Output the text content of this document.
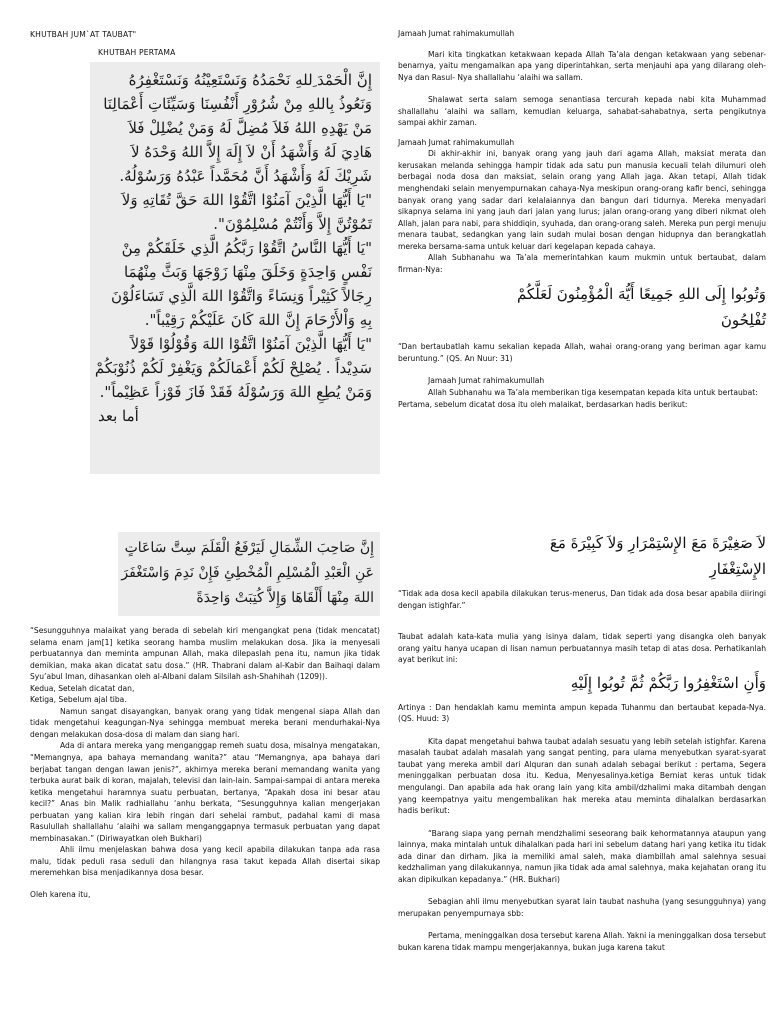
KHUTBAH JUM`AT TAUBAT"
KHUTBAH PERTAMA
إِنَّ الْحَمْدَ ِللهِ نَحْمَدُهُ وَنَسْتَعِيْنُهُ وَنَسْتَغْفِرُهُ
وَنَعُوذُ بِاللهِ مِنْ شُرُوْرِ أَنْفُسِنَا وَسَيِّئَاتِ أَعْمَالِنَا
مَنْ يَهْدِهِ اللهُ فَلاَ مُضِلَّ لَهُ وَمَنْ يُضْلِلْ فَلاَ
هَادِيَ لَهُ وَأَشْهَدُ أَنْ لاَ إِلَهَ إِلاَّ اللهُ وَحْدَهُ لاَ
شَرِيْكَ لَهُ وَأَشْهَدُ أَنَّ مُحَمَّداً عَبْدُهُ وَرَسُوْلُهُ.
"يَا أَيُّهَا الَّذِيْنَ آمَنُوْا اتَّقُوْا اللهَ حَقَّ تُقَاتِهِ وَلاَ
تَمُوْتُنَّ إِلاَّ وَأَنْتُمْ مُسْلِمُوْنَ".
"يَا أَيُّهَا النَّاسُ اتَّقُوْا رَبَّكُمُ الَّذِي خَلَقَكُمْ مِنْ
نَفْسٍ وَاحِدَةٍ وَخَلَقَ مِنْهَا زَوْجَهَا وَبَثَّ مِنْهُمَا
رِجَالاً كَثِيْراً وَنِسَاءً وَاتَّقُوْا اللهَ الَّذِي تَسَاءَلُوْنَ
بِهِ وَاْلأَرْحَامَ إِنَّ اللهَ كَانَ عَلَيْكُمْ رَقِيْباً".
"يَا أَيُّهَا الَّذِيْنَ آمَنُوْا اتَّقُوْا اللهَ وَقُوْلُوْا قَوْلاً
سَدِيْداً . يُصْلِحْ لَكُمْ أَعْمَالَكُمْ وَيَغْفِرْ لَكُمْ ذُنُوْبَكُمْ
وَمَنْ يُطِعِ اللهَ وَرَسُوْلَهُ فَقَدْ فَازَ فَوْزاً عَظِيْماً".
أما بعد

Jamaah Jumat rahimakumullah

Mari kita tingkatkan ketakwaan kepada Allah Ta’ala dengan ketakwaan yang sebenar-benarnya, yaitu mengamalkan apa yang diperintahkan, serta menjauhi apa yang dilarang oleh-Nya dan Rasul- Nya shallallahu ‘alaihi wa sallam.

Shalawat serta salam semoga senantiasa tercurah kepada nabi kita Muhammad shallallahu ‘alaihi wa sallam, kemudian keluarga, sahabat-sahabatnya, serta pengikutnya sampai akhir zaman.

Jamaah Jumat rahimakumullah

Di akhir-akhir ini, banyak orang yang jauh dari agama Allah, maksiat merata dan kerusakan melanda sehingga hampir tidak ada satu pun manusia kecuali telah dilumuri oleh berbagai noda dosa dan maksiat, selain orang yang Allah jaga. Akan tetapi, Allah tidak menghendaki selain menyempurnakan cahaya-Nya meskipun orang-orang kafir benci, sehingga banyak orang yang sadar dari kelalaiannya dan bangun dari tidurnya. Mereka menyadari sikapnya selama ini yang jauh dari jalan yang lurus; jalan orang-orang yang diberi nikmat oleh Allah, jalan para nabi, para shiddiqin, syuhada, dan orang-orang saleh. Mereka pun pergi menuju menara taubat, sedangkan yang lain sudah mulai bosan dengan hidupnya dan berangkatlah mereka bersama-sama untuk keluar dari kegelapan kepada cahaya.

Allah Subhanahu wa Ta’ala memerintahkan kaum mukmin untuk bertaubat, dalam firman-Nya:

وَتُوبُوا إِلَى اللهِ جَمِيعًا أَيُّهَ الْمُؤْمِنُونَ لَعَلَّكُمْ
تُفْلِحُونَ

“Dan bertaubatlah kamu sekalian kepada Allah, wahai orang-orang yang beriman agar kamu beruntung.” (QS. An Nuur: 31)

Jamaah Jumat rahimakumullah

Allah Subhanahu wa Ta’ala memberikan tiga kesempatan kepada kita untuk bertaubat:

Pertama, sebelum dicatat dosa itu oleh malaikat, berdasarkan hadis berikut:

إِنَّ صَاحِبَ الشِّمَالِ لَيَرْفَعُ الْقَلَمَ سِتَّ سَاعَاتٍ
عَنِ الْعَبْدِ الْمُسْلِمِ الْمُخْطِئِ فَإِنْ نَدِمَ وَاسْتَغْفَرَ
اللهَ مِنْهَا أَلْقَاهَا وَإِلاَّ كُتِبَتْ وَاحِدَةً

“Sesungguhnya malaikat yang berada di sebelah kiri mengangkat pena (tidak mencatat) selama enam jam[1] ketika seorang hamba muslim melakukan dosa. Jika ia menyesali perbuatannya dan meminta ampunan Allah, maka dilepaslah pena itu, namun jika tidak demikian, maka akan dicatat satu dosa.” (HR. Thabrani dalam al-Kabir dan Baihaqi dalam Syu’abul Iman, dihasankan oleh al-Albani dalam Silsilah ash-Shahihah (1209)).

Kedua, Setelah dicatat dan,

Ketiga, Sebelum ajal tiba.

Namun sangat disayangkan, banyak orang yang tidak mengenal siapa Allah dan tidak mengetahui keagungan-Nya sehingga membuat mereka berani mendurhakai-Nya dengan melakukan dosa-dosa di malam dan siang hari.

Ada di antara mereka yang menganggap remeh suatu dosa, misalnya mengatakan, “Memangnya, apa bahaya memandang wanita?” atau “Memangnya, apa bahaya dari berjabat tangan dengan lawan jenis?”, akhirnya mereka berani memandang wanita yang terbuka aurat baik di koran, majalah, televisi dan lain-lain. Sampai-sampai di antara mereka ketika mengetahui haramnya suatu perbuatan, bertanya, “Apakah dosa ini besar atau kecil?” Anas bin Malik radhiallahu ‘anhu berkata, “Sesungguhnya kalian mengerjakan perbuatan yang kalian kira lebih ringan dari sehelai rambut, padahal kami di masa Rasulullah shallallahu ‘alaihi wa sallam menganggapnya termasuk perbuatan yang dapat membinasakan.” (Diriwayatkan oleh Bukhari)

Ahli ilmu menjelaskan bahwa dosa yang kecil apabila dilakukan tanpa ada rasa malu, tidak peduli rasa seduli dan hilangnya rasa takut kepada Allah disertai sikap meremehkan bisa menjadikannya dosa besar.

Oleh karena itu,

لاَ صَغِيْرَةَ مَعَ الإِسْتِمْرَارِ وَلاَ كَبِيْرَةَ مَعَ
الإِسْتِغْفَارِ

“Tidak ada dosa kecil apabila dilakukan terus-menerus, Dan tidak ada dosa besar apabila diiringi dengan istighfar.”

Taubat adalah kata-kata mulia yang isinya dalam, tidak seperti yang disangka oleh banyak orang yaitu hanya ucapan di lisan namun perbuatannya masih tetap di atas dosa. Perhatikanlah ayat berikut ini:

وَأَنِ اسْتَغْفِرُوا رَبَّكُمْ ثُمَّ تُوبُوا إِلَيْهِ

Artinya : Dan hendaklah kamu meminta ampun kepada Tuhanmu dan bertaubat kepada-Nya. (QS. Huud: 3)

Kita dapat mengetahui bahwa taubat adalah sesuatu yang lebih setelah istighfar. Karena masalah taubat adalah masalah yang sangat penting, para ulama menyebutkan syarat-syarat taubat yang mereka ambil dari Alquran dan sunah adalah sebagai berikut : pertama, Segera meninggalkan perbuatan dosa itu. Kedua, Menyesalinya.ketiga Berniat keras untuk tidak mengulangi. Dan apabila ada hak orang lain yang kita ambil/dzhalimi maka ditambah dengan yang keempatnya yaitu mengembalikan hak mereka atau meminta dihalalkan berdasarkan hadis berikut:

“Barang siapa yang pernah mendzhalimi seseorang baik kehormatannya ataupun yang lainnya, maka mintalah untuk dihalalkan pada hari ini sebelum datang hari yang ketika itu tidak ada dinar dan dirham. Jika ia memiliki amal saleh, maka diambillah amal salehnya sesuai kedzhaliman yang dilakukannya, namun jika tidak ada amal salehnya, maka kejahatan orang itu akan dipikulkan kepadanya.” (HR. Bukhari)

Sebagian ahli ilmu menyebutkan syarat lain taubat nashuha (yang sesungguhnya) yang merupakan penyempurnaya sbb:

Pertama, meninggalkan dosa tersebut karena Allah. Yakni ia meninggalkan dosa tersebut bukan karena tidak mampu mengerjakannya, bukan juga karena takut
